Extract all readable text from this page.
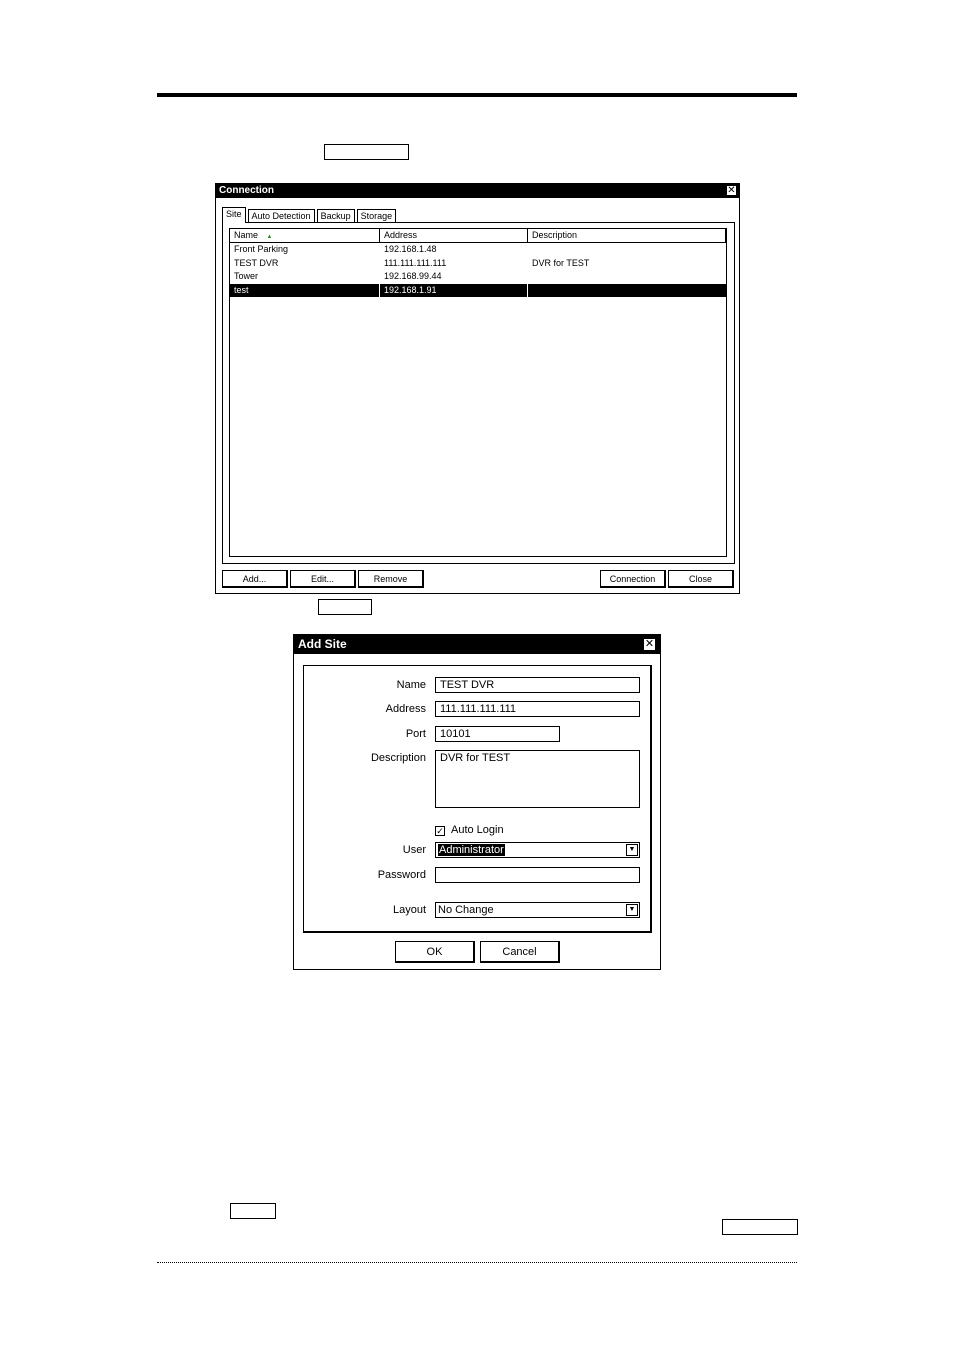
Connection	✕
Site	Auto Detection	Backup	Storage
Name ▲	Address	Description
Front Parking	192.168.1.48
TEST DVR	111.111.111.111	DVR for TEST
Tower	192.168.99.44
test	192.168.1.91
Add...	Edit...	Remove	Connection	Close
Add Site	✕
Name	TEST DVR
Address	111.111.111.111
Port	10101
Description	DVR for TEST
✓ Auto Login
User	Administrator	▼
Password
Layout No Change	▼
OK	Cancel
